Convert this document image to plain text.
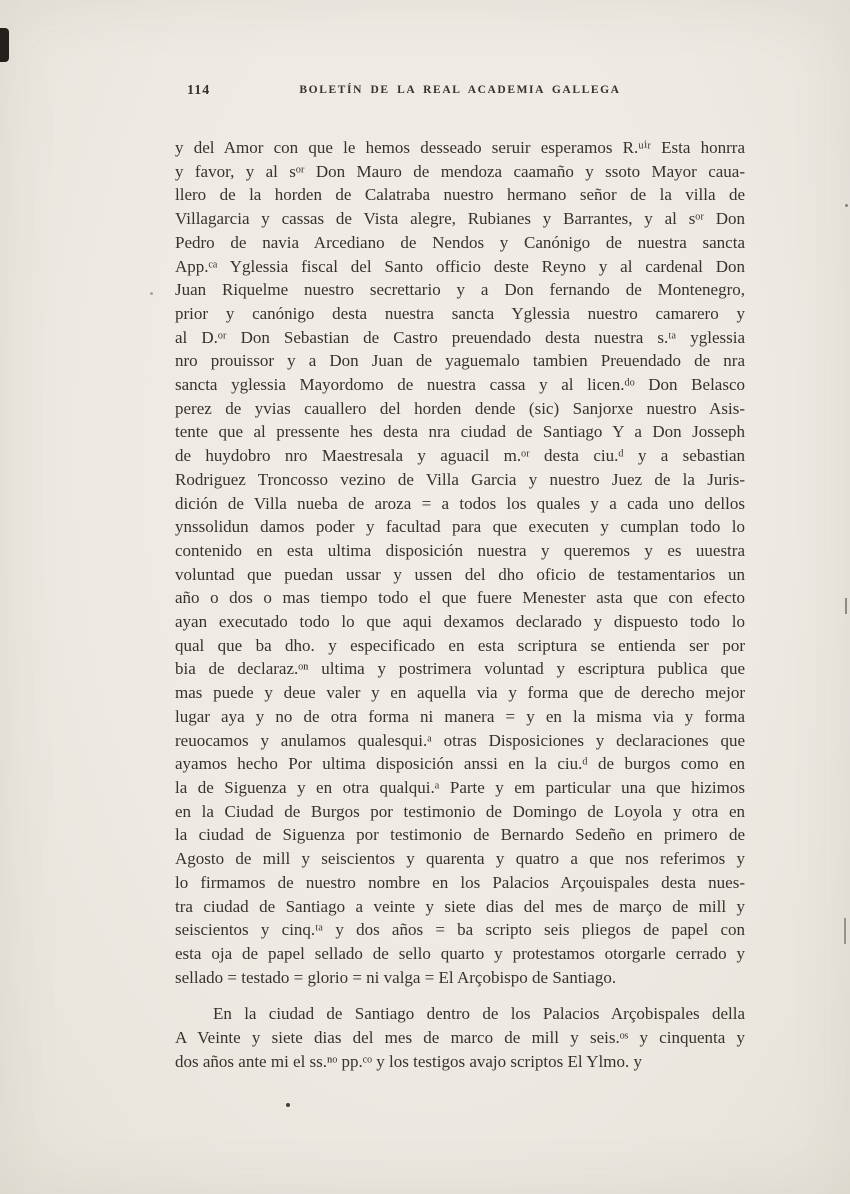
114	BOLETÍN DE LA REAL ACADEMIA GALLEGA
y del Amor con que le hemos desseado seruir esperamos R.ᵘⁱʳ Esta honrra
y favor, y al sᵒʳ Don Mauro de mendoza caamaño y ssoto Mayor caua-
llero de la horden de Calatraba nuestro hermano señor de la villa de
Villagarcia y cassas de Vista alegre, Rubianes y Barrantes, y al sᵒʳ Don
Pedro de navia Arcediano de Nendos y Canónigo de nuestra sancta
App.ᶜᵃ Yglessia fiscal del Santo officio deste Reyno y al cardenal Don
Juan Riquelme nuestro secrettario y a Don fernando de Montenegro,
prior y canónigo desta nuestra sancta Yglessia nuestro camarero y
al D.ᵒʳ Don Sebastian de Castro preuendado desta nuestra s.ᵗᵃ yglessia
nro prouissor y a Don Juan de yaguemalo tambien Preuendado de nra
sancta yglessia Mayordomo de nuestra cassa y al licen.ᵈᵒ Don Belasco
perez de yvias cauallero del horden dende (sic) Sanjorxe nuestro Asis-
tente que al pressente hes desta nra ciudad de Santiago Y a Don Josseph
de huydobro nro Maestresala y aguacil m.ᵒʳ desta ciu.ᵈ y a sebastian
Rodriguez Troncosso vezino de Villa Garcia y nuestro Juez de la Juris-
dición de Villa nueba de aroza = a todos los quales y a cada uno dellos
ynssolidun damos poder y facultad para que executen y cumplan todo lo
contenido en esta ultima disposición nuestra y queremos y es uuestra
voluntad que puedan ussar y ussen del dho oficio de testamentarios un
año o dos o mas tiempo todo el que fuere Menester asta que con efecto
ayan executado todo lo que aqui dexamos declarado y dispuesto todo lo
qual que ba dho. y especificado en esta scriptura se entienda ser por
bia de declaraz.ᵒⁿ ultima y postrimera voluntad y escriptura publica que
mas puede y deue valer y en aquella via y forma que de derecho mejor
lugar aya y no de otra forma ni manera = y en la misma via y forma
reuocamos y anulamos qualesqui.ᵃ otras Disposiciones y declaraciones que
ayamos hecho Por ultima disposición anssi en la ciu.ᵈ de burgos como en
la de Siguenza y en otra qualqui.ᵃ Parte y em particular una que hizimos
en la Ciudad de Burgos por testimonio de Domingo de Loyola y otra en
la ciudad de Siguenza por testimonio de Bernardo Sedeño en primero de
Agosto de mill y seiscientos y quarenta y quatro a que nos referimos y
lo firmamos de nuestro nombre en los Palacios Arçouispales desta nues-
tra ciudad de Santiago a veinte y siete dias del mes de março de mill y
seiscientos y cinq.ᵗᵃ y dos años = ba scripto seis pliegos de papel con
esta oja de papel sellado de sello quarto y protestamos otorgarle cerrado y
sellado = testado = glorio = ni valga = El Arçobispo de Santiago.
En la ciudad de Santiago dentro de los Palacios Arçobispales della
A Veinte y siete dias del mes de marco de mill y seis.ᵒˢ y cinquenta y
dos años ante mi el ss.ⁿᵒ pp.ᶜᵒ y los testigos avajo scriptos El Ylmo. y
